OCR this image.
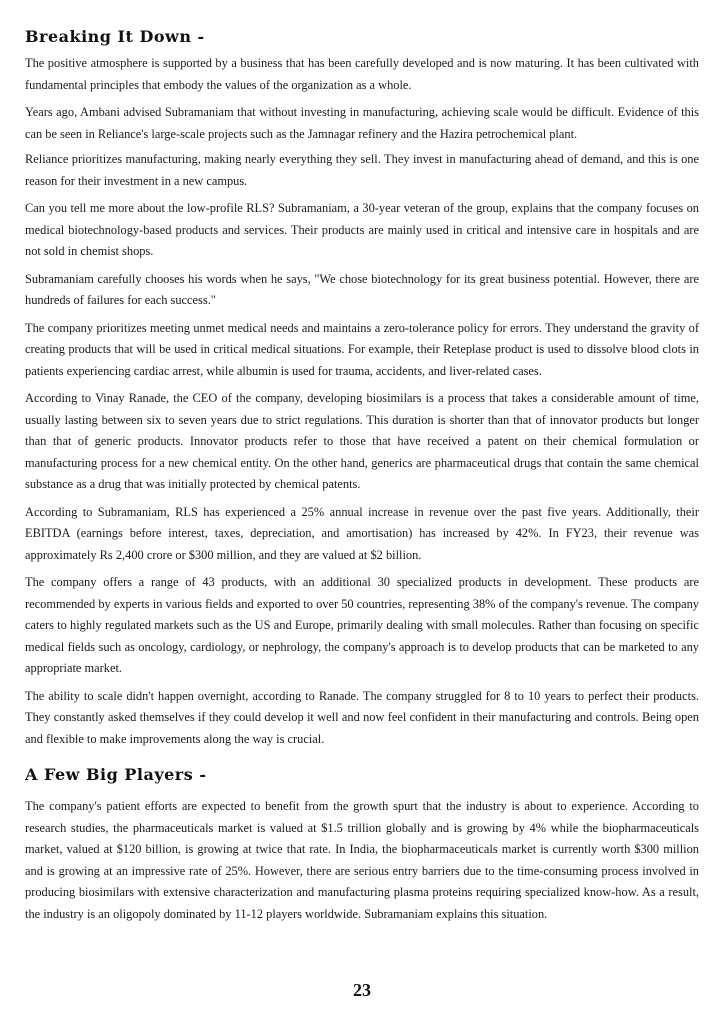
Breaking It Down -

The positive atmosphere is supported by a business that has been carefully developed and is now maturing. It has been cultivated with fundamental principles that embody the values of the organization as a whole.

Years ago, Ambani advised Subramaniam that without investing in manufacturing, achieving scale would be difficult. Evidence of this can be seen in Reliance's large-scale projects such as the Jamnagar refinery and the Hazira petrochemical plant.

Reliance prioritizes manufacturing, making nearly everything they sell. They invest in manufacturing ahead of demand, and this is one reason for their investment in a new campus.

Can you tell me more about the low-profile RLS? Subramaniam, a 30-year veteran of the group, explains that the company focuses on medical biotechnology-based products and services. Their products are mainly used in critical and intensive care in hospitals and are not sold in chemist shops.

Subramaniam carefully chooses his words when he says, "We chose biotechnology for its great business potential. However, there are hundreds of failures for each success."

The company prioritizes meeting unmet medical needs and maintains a zero-tolerance policy for errors. They understand the gravity of creating products that will be used in critical medical situations. For example, their Reteplase product is used to dissolve blood clots in patients experiencing cardiac arrest, while albumin is used for trauma, accidents, and liver-related cases.

According to Vinay Ranade, the CEO of the company, developing biosimilars is a process that takes a considerable amount of time, usually lasting between six to seven years due to strict regulations. This duration is shorter than that of innovator products but longer than that of generic products. Innovator products refer to those that have received a patent on their chemical formulation or manufacturing process for a new chemical entity. On the other hand, generics are pharmaceutical drugs that contain the same chemical substance as a drug that was initially protected by chemical patents.

According to Subramaniam, RLS has experienced a 25% annual increase in revenue over the past five years. Additionally, their EBITDA (earnings before interest, taxes, depreciation, and amortisation) has increased by 42%. In FY23, their revenue was approximately Rs 2,400 crore or $300 million, and they are valued at $2 billion.

The company offers a range of 43 products, with an additional 30 specialized products in development. These products are recommended by experts in various fields and exported to over 50 countries, representing 38% of the company's revenue. The company caters to highly regulated markets such as the US and Europe, primarily dealing with small molecules. Rather than focusing on specific medical fields such as oncology, cardiology, or nephrology, the company's approach is to develop products that can be marketed to any appropriate market.

The ability to scale didn't happen overnight, according to Ranade. The company struggled for 8 to 10 years to perfect their products. They constantly asked themselves if they could develop it well and now feel confident in their manufacturing and controls. Being open and flexible to make improvements along the way is crucial.

A Few Big Players -

The company's patient efforts are expected to benefit from the growth spurt that the industry is about to experience. According to research studies, the pharmaceuticals market is valued at $1.5 trillion globally and is growing by 4% while the biopharmaceuticals market, valued at $120 billion, is growing at twice that rate. In India, the biopharmaceuticals market is currently worth $300 million and is growing at an impressive rate of 25%. However, there are serious entry barriers due to the time-consuming process involved in producing biosimilars with extensive characterization and manufacturing plasma proteins requiring specialized know-how. As a result, the industry is an oligopoly dominated by 11-12 players worldwide. Subramaniam explains this situation.

23
